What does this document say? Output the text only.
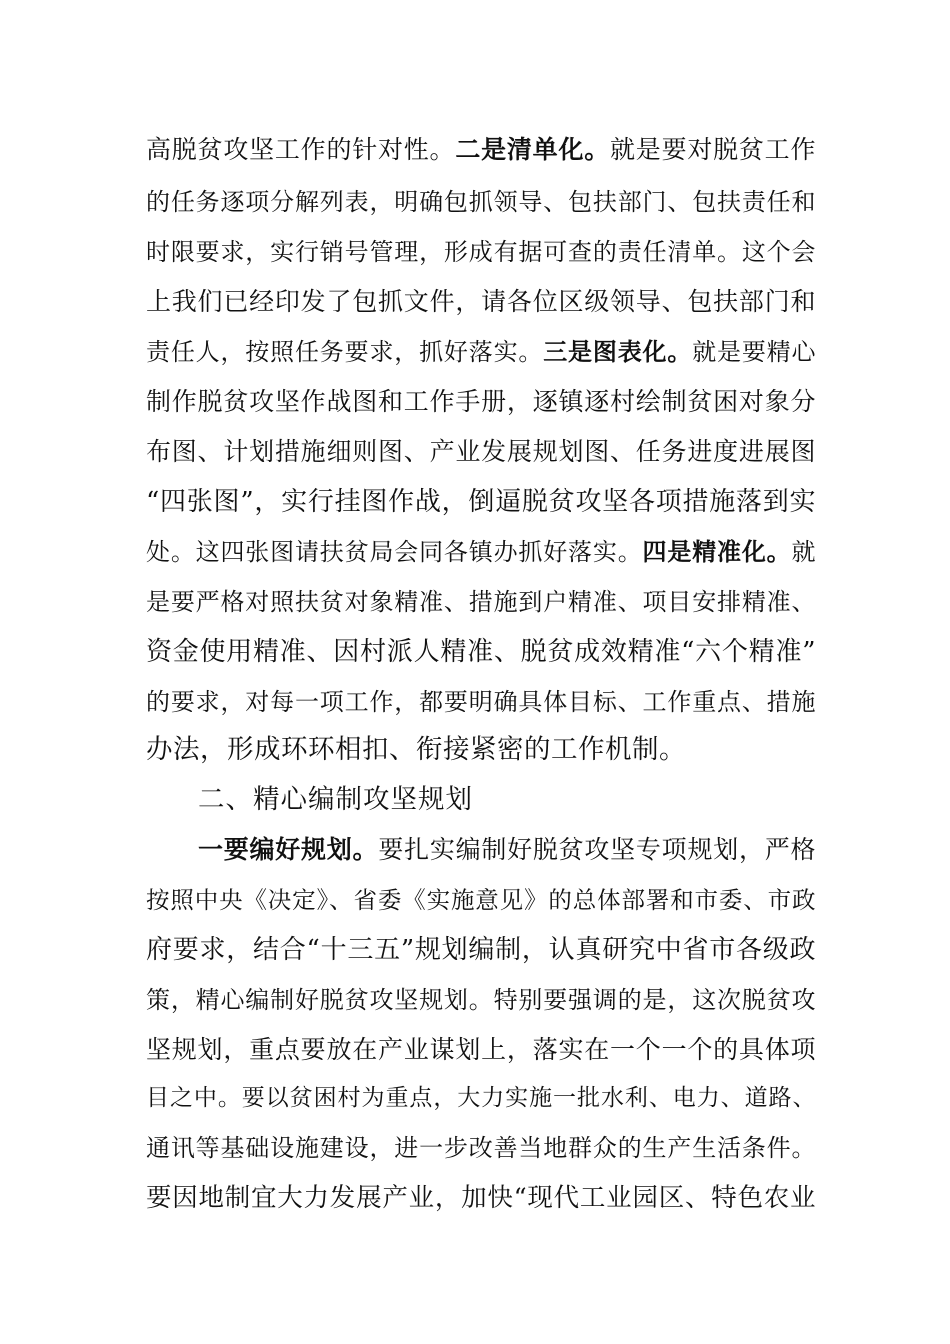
高脱贫攻坚工作的针对性。二是清单化。就是要对脱贫工作
的任务逐项分解列表，明确包抓领导、包扶部门、包扶责任和
时限要求，实行销号管理，形成有据可查的责任清单。这个会
上我们已经印发了包抓文件，请各位区级领导、包扶部门和
责任人，按照任务要求，抓好落实。三是图表化。就是要精心
制作脱贫攻坚作战图和工作手册，逐镇逐村绘制贫困对象分
布图、计划措施细则图、产业发展规划图、任务进度进展图
“四张图”，实行挂图作战，倒逼脱贫攻坚各项措施落到实
处。这四张图请扶贫局会同各镇办抓好落实。四是精准化。就
是要严格对照扶贫对象精准、措施到户精准、项目安排精准、
资金使用精准、因村派人精准、脱贫成效精准“六个精准”
的要求，对每一项工作，都要明确具体目标、工作重点、措施
办法，形成环环相扣、衔接紧密的工作机制。
二、精心编制攻坚规划
一要编好规划。要扎实编制好脱贫攻坚专项规划，严格
按照中央《决定》、省委《实施意见》的总体部署和市委、市政
府要求，结合“十三五”规划编制，认真研究中省市各级政
策，精心编制好脱贫攻坚规划。特别要强调的是，这次脱贫攻
坚规划，重点要放在产业谋划上，落实在一个一个的具体项
目之中。要以贫困村为重点，大力实施一批水利、电力、道路、
通讯等基础设施建设，进一步改善当地群众的生产生活条件。
要因地制宜大力发展产业，加快“现代工业园区、特色农业
